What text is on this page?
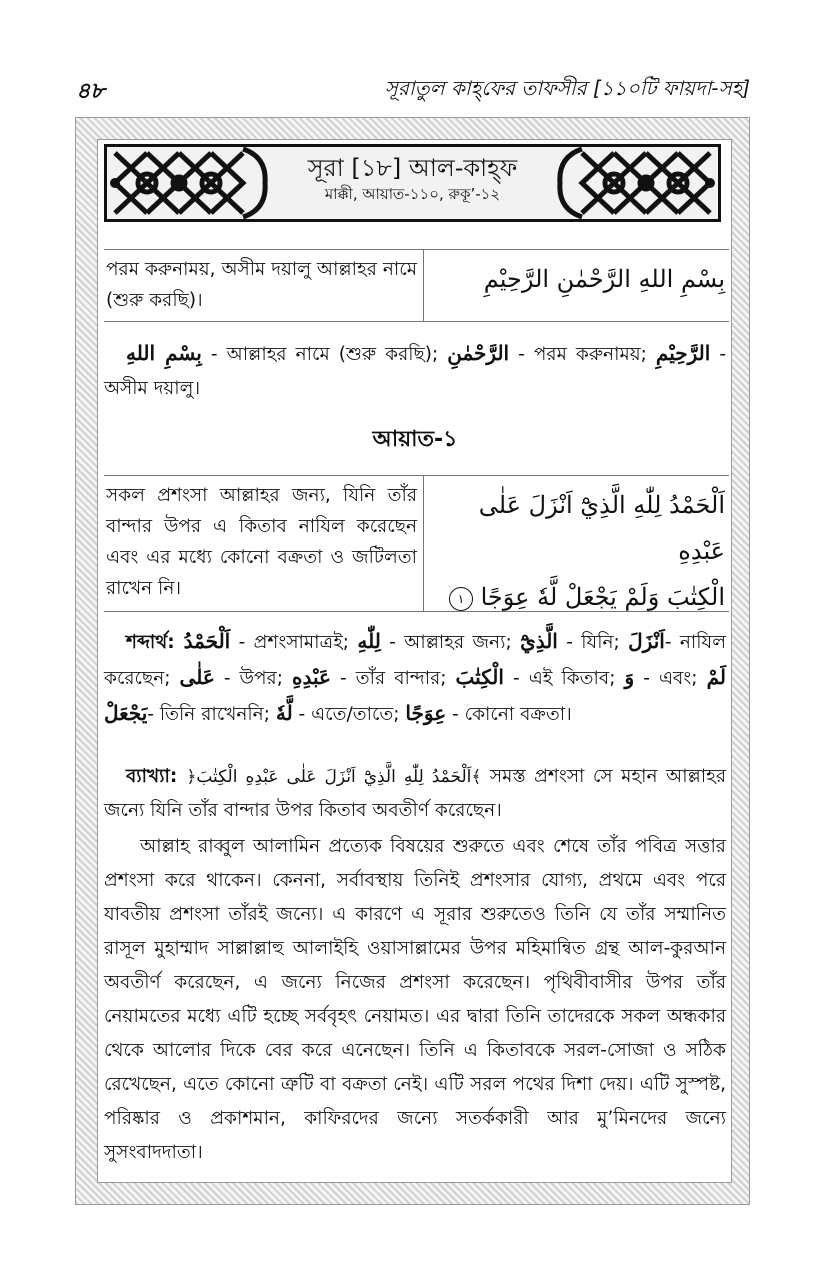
৪৮	সূরাতুল কাহ্‌ফের তাফসীর [১১০টি ফায়দা-সহ]
সূরা [১৮] আল-কাহ্‌ফ
মাক্কী, আয়াত-১১০, রুকূ’-১২
পরম করুনাময়, অসীম দয়ালু আল্লাহর নামে (শুরু করছি)।
بِسْمِ اللهِ الرَّحْمٰنِ الرَّحِيْمِ
بِسْمِ اللهِ - আল্লাহর নামে (শুরু করছি); الرَّحْمٰنِ - পরম করুনাময়; الرَّحِيْمِ - অসীম দয়ালু।
আয়াত-১
সকল প্রশংসা আল্লাহর জন্য, যিনি তাঁর বান্দার উপর এ কিতাব নাযিল করেছেন এবং এর মধ্যে কোনো বক্রতা ও জটিলতা রাখেন নি।
اَلْحَمْدُ لِلّٰهِ الَّذِيْٓ اَنْزَلَ عَلٰى عَبْدِهِ
الْكِتٰبَ وَلَمْ يَجْعَلْ لَّهٗ عِوَجًا ١
শব্দার্থ: اَلْحَمْدُ - প্রশংসামাত্রই; لِلّٰهِ - আল্লাহর জন্য; الَّذِيْٓ - যিনি; اَنْزَلَ- নাযিল করেছেন; عَلٰى - উপর; عَبْدِهِ - তাঁর বান্দার; الْكِتٰبَ - এই কিতাব; وَ - এবং; لَمْ يَجْعَلْ- তিনি রাখেননি; لَّهٗ - এতে/তাতে; عِوَجًا - কোনো বক্রতা।
ব্যাখ্যা: ﴿اَلْحَمْدُ لِلّٰهِ الَّذِيْٓ اَنْزَلَ عَلٰى عَبْدِهِ الْكِتٰبَ﴾ সমস্ত প্রশংসা সে মহান আল্লাহর জন্যে যিনি তাঁর বান্দার উপর কিতাব অবতীর্ণ করেছেন।
আল্লাহ রাব্বুল আলামিন প্রত্যেক বিষয়ের শুরুতে এবং শেষে তাঁর পবিত্র সত্তার প্রশংসা করে থাকেন। কেননা, সর্বাবস্থায় তিনিই প্রশংসার যোগ্য, প্রথমে এবং পরে যাবতীয় প্রশংসা তাঁরই জন্যে। এ কারণে এ সূরার শুরুতেও তিনি যে তাঁর সম্মানিত রাসূল মুহাম্মাদ সাল্লাল্লাহু আলাইহি ওয়াসাল্লামের উপর মহিমান্বিত গ্রন্থ আল-কুরআন অবতীর্ণ করেছেন, এ জন্যে নিজের প্রশংসা করেছেন। পৃথিবীবাসীর উপর তাঁর নেয়ামতের মধ্যে এটি হচ্ছে সর্ববৃহৎ নেয়ামত। এর দ্বারা তিনি তাদেরকে সকল অন্ধকার থেকে আলোর দিকে বের করে এনেছেন। তিনি এ কিতাবকে সরল-সোজা ও সঠিক রেখেছেন, এতে কোনো ত্রুটি বা বক্রতা নেই। এটি সরল পথের দিশা দেয়। এটি সুস্পষ্ট, পরিষ্কার ও প্রকাশমান, কাফিরদের জন্যে সতর্ককারী আর মু’মিনদের জন্যে সুসংবাদদাতা।
